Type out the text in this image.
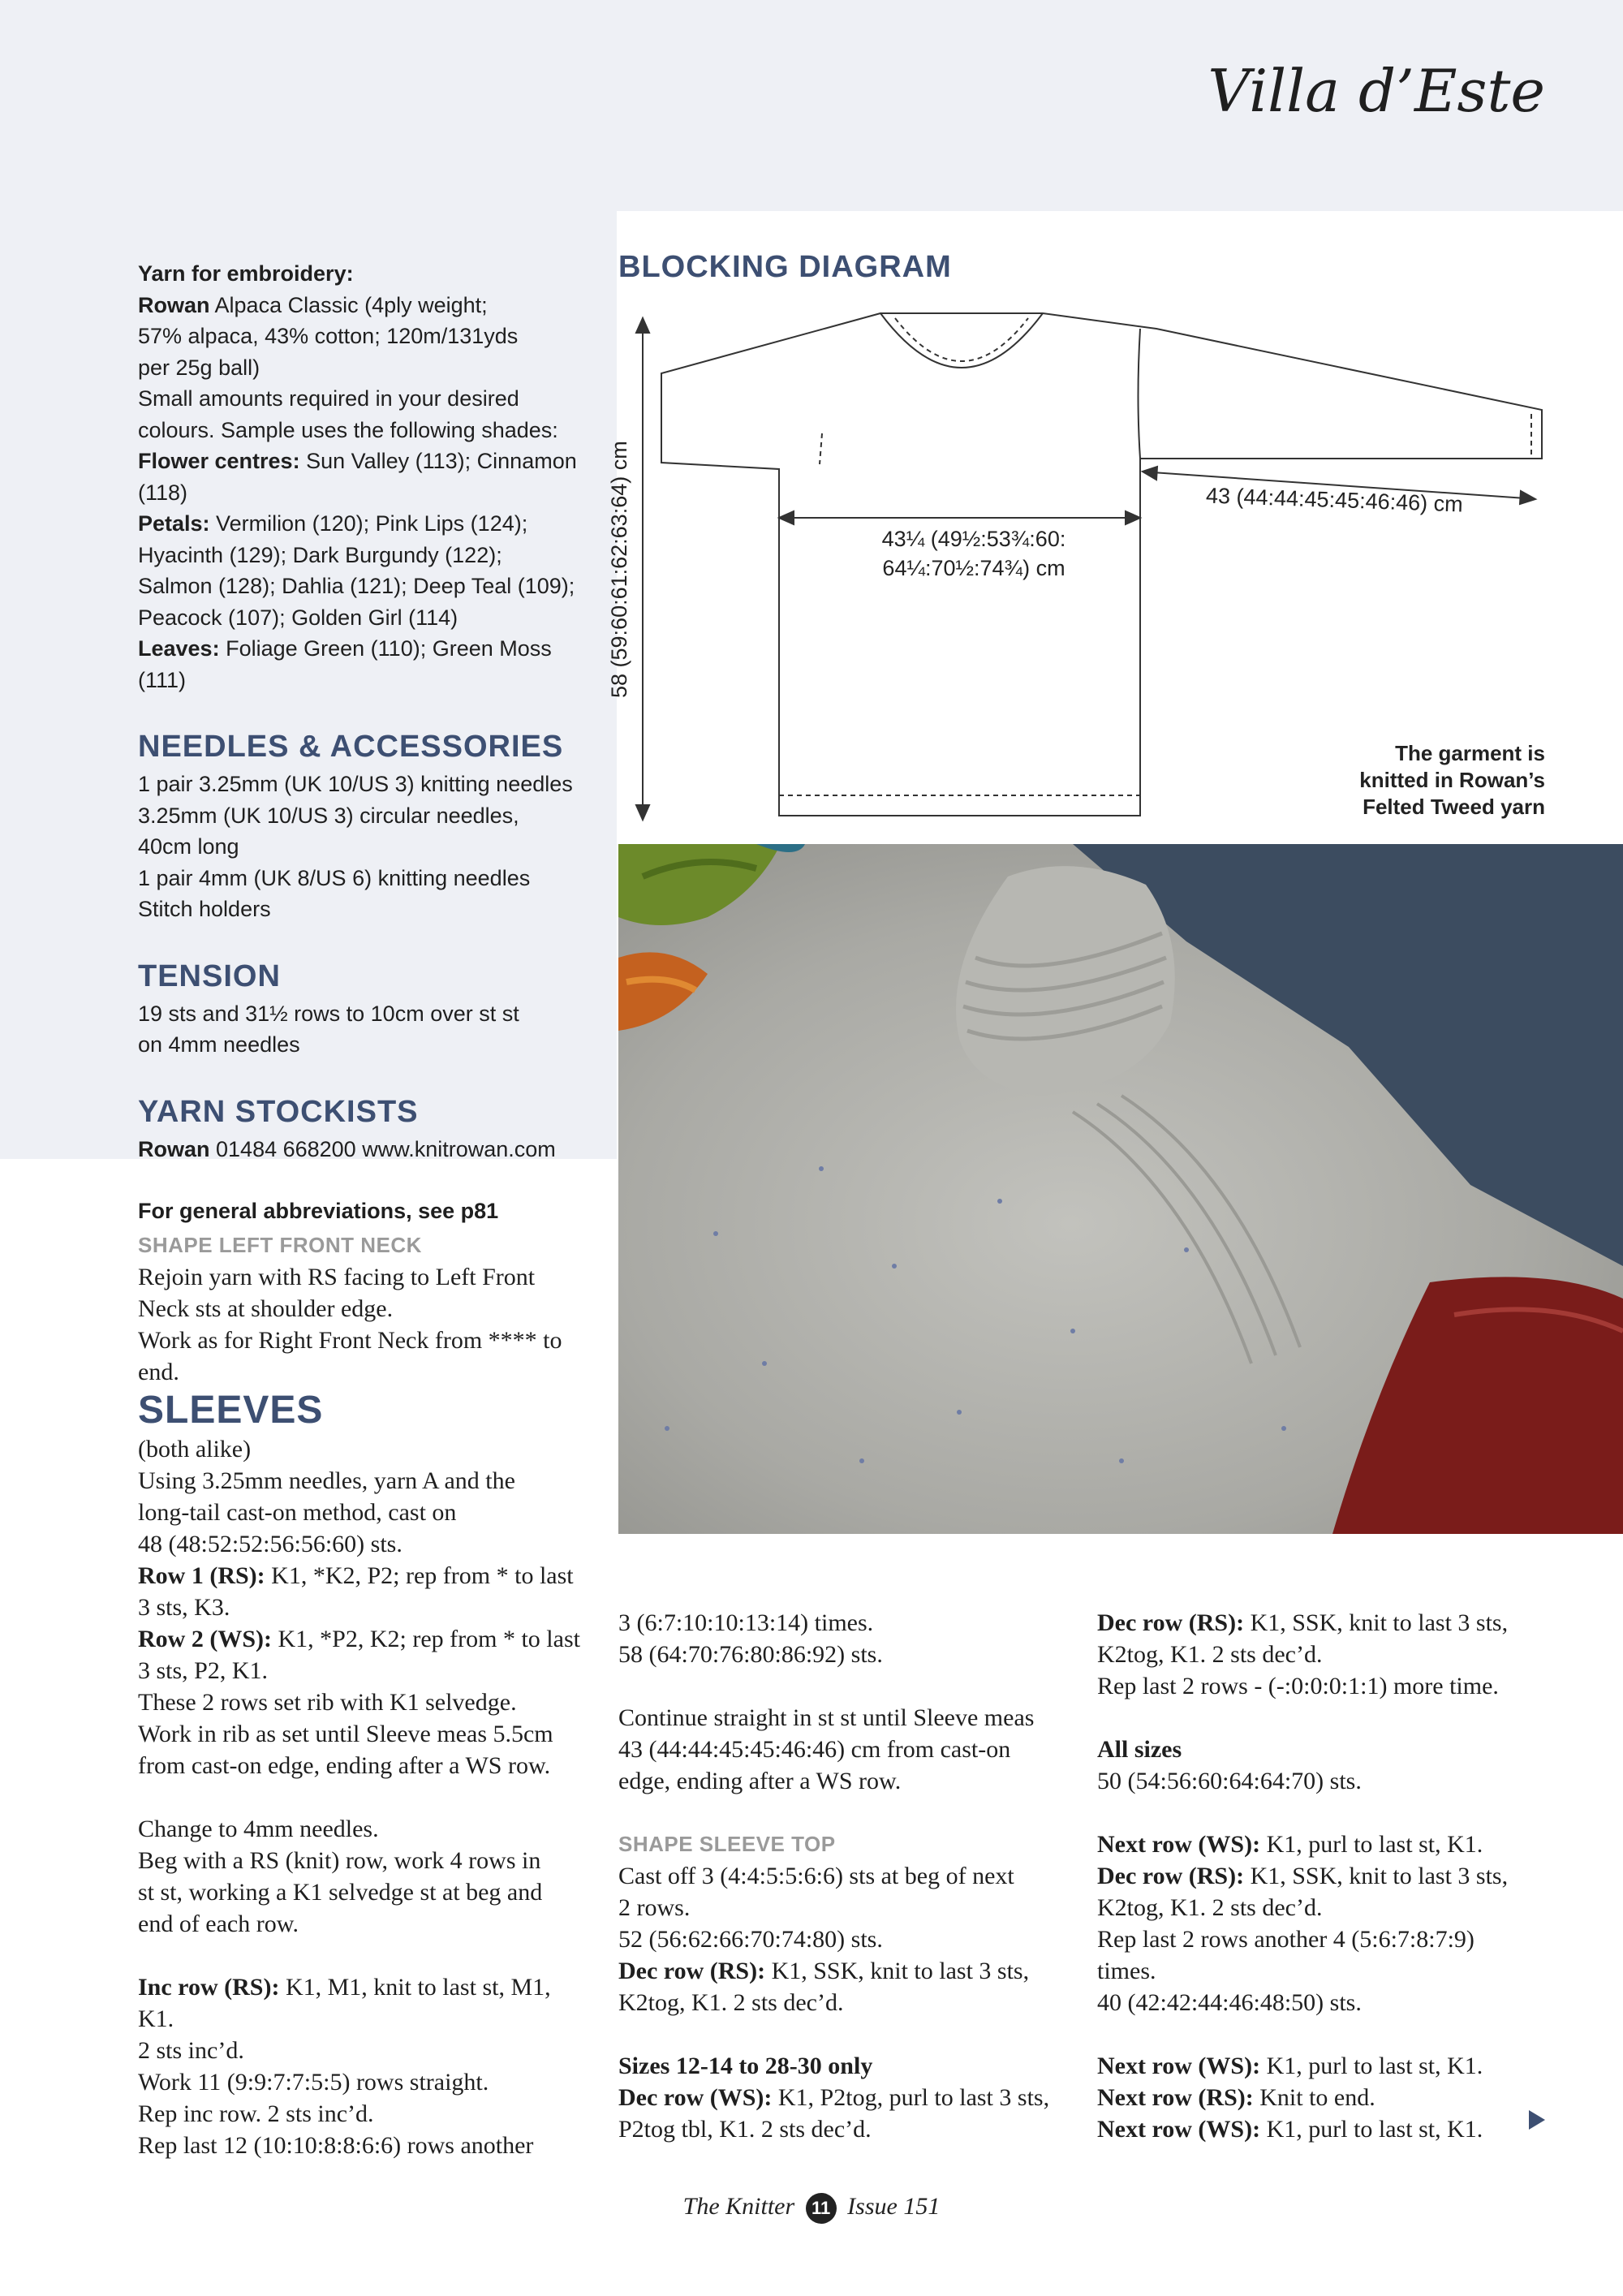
Villa d’Este

Yarn for embroidery:

Rowan Alpaca Classic (4ply weight;

57% alpaca, 43% cotton; 120m/131yds

per 25g ball)

Small amounts required in your desired

colours. Sample uses the following shades:

Flower centres: Sun Valley (113); Cinnamon (118)

Petals: Vermilion (120); Pink Lips (124);

Hyacinth (129); Dark Burgundy (122);

Salmon (128); Dahlia (121); Deep Teal (109);

Peacock (107); Golden Girl (114)

Leaves: Foliage Green (110); Green Moss (111)

NEEDLES & ACCESSORIES

1 pair 3.25mm (UK 10/US 3) knitting needles

3.25mm (UK 10/US 3) circular needles,

40cm long

1 pair 4mm (UK 8/US 6) knitting needles

Stitch holders

TENSION

19 sts and 31½ rows to 10cm over st st

on 4mm needles

YARN STOCKISTS

Rowan 01484 668200 www.knitrowan.com

For general abbreviations, see p81

BLOCKING DIAGRAM
43 (44:44:45:45:46:46) cm
43¼ (49½:53¾:60:
64¼:70½:74¾) cm
58 (59:60:61:62:63:64) cm
The garment is
knitted in Rowan’s
Felted Tweed yarn

SHAPE LEFT FRONT NECK

Rejoin yarn with RS facing to Left Front

Neck sts at shoulder edge.

Work as for Right Front Neck from **** to

end.

SLEEVES

(both alike)

Using 3.25mm needles, yarn A and the

long-tail cast-on method, cast on

48 (48:52:52:56:56:60) sts.

Row 1 (RS): K1, *K2, P2; rep from * to last

3 sts, K3.

Row 2 (WS): K1, *P2, K2; rep from * to last

3 sts, P2, K1.

These 2 rows set rib with K1 selvedge.

Work in rib as set until Sleeve meas 5.5cm

from cast-on edge, ending after a WS row.

Change to 4mm needles.

Beg with a RS (knit) row, work 4 rows in

st st, working a K1 selvedge st at beg and

end of each row.

Inc row (RS): K1, M1, knit to last st, M1, K1.

2 sts inc’d.

Work 11 (9:9:7:7:5:5) rows straight.

Rep inc row. 2 sts inc’d.

Rep last 12 (10:10:8:8:6:6) rows another

3 (6:7:10:10:13:14) times.

58 (64:70:76:80:86:92) sts.

Continue straight in st st until Sleeve meas

43 (44:44:45:45:46:46) cm from cast-on

edge, ending after a WS row.

SHAPE SLEEVE TOP

Cast off 3 (4:4:5:5:6:6) sts at beg of next

2 rows.

52 (56:62:66:70:74:80) sts.

Dec row (RS): K1, SSK, knit to last 3 sts,

K2tog, K1. 2 sts dec’d.

Sizes 12-14 to 28-30 only

Dec row (WS): K1, P2tog, purl to last 3 sts,

P2tog tbl, K1. 2 sts dec’d.

Dec row (RS): K1, SSK, knit to last 3 sts,

K2tog, K1. 2 sts dec’d.

Rep last 2 rows - (-:0:0:0:1:1) more time.

All sizes

50 (54:56:60:64:64:70) sts.

Next row (WS): K1, purl to last st, K1.

Dec row (RS): K1, SSK, knit to last 3 sts,

K2tog, K1. 2 sts dec’d.

Rep last 2 rows another 4 (5:6:7:8:7:9)

times.

40 (42:42:44:46:48:50) sts.

Next row (WS): K1, purl to last st, K1.

Next row (RS): Knit to end.

Next row (WS): K1, purl to last st, K1.

The Knitter 11 Issue 151
